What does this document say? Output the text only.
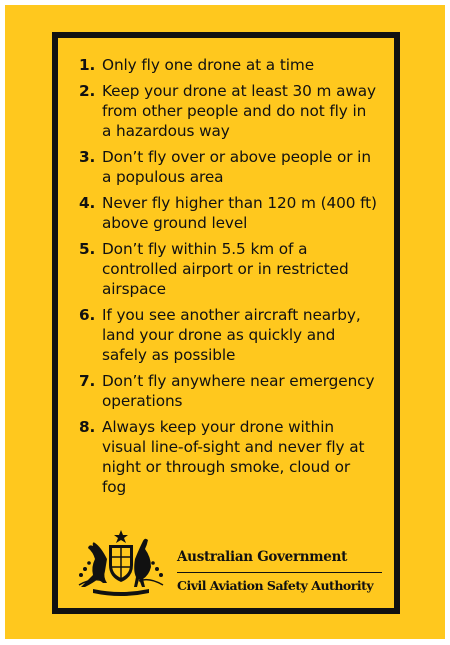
1. Only fly one drone at a time
2. Keep your drone at least 30 m away from other people and do not fly in a hazardous way
3. Don’t fly over or above people or in a populous area
4. Never fly higher than 120 m (400 ft) above ground level
5. Don’t fly within 5.5 km of a controlled airport or in restricted airspace
6. If you see another aircraft nearby, land your drone as quickly and safely as possible
7. Don’t fly anywhere near emergency operations
8. Always keep your drone within visual line-of-sight and never fly at night or through smoke, cloud or fog
Australian Government
Civil Aviation Safety Authority
